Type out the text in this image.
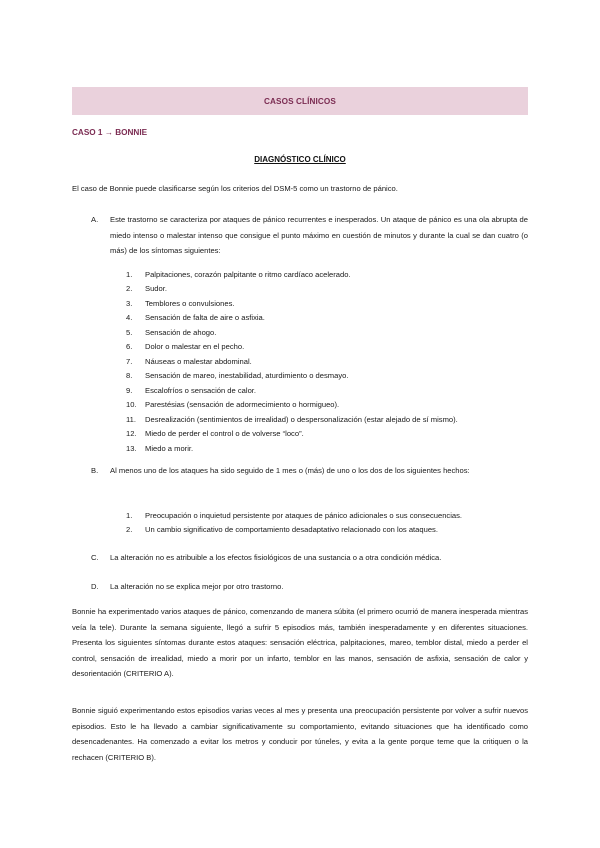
CASOS CLÍNICOS
CASO 1 → BONNIE
DIAGNÓSTICO CLÍNICO
El caso de Bonnie puede clasificarse según los criterios del DSM-5 como un trastorno de pánico.
A.	Este trastorno se caracteriza por ataques de pánico recurrentes e inesperados. Un ataque de pánico es una ola abrupta de miedo intenso o malestar intenso que consigue el punto máximo en cuestión de minutos y durante la cual se dan cuatro (o más) de los síntomas siguientes:
1.	Palpitaciones, corazón palpitante o ritmo cardíaco acelerado.
2.	Sudor.
3.	Temblores o convulsiones.
4.	Sensación de falta de aire o asfixia.
5.	Sensación de ahogo.
6.	Dolor o malestar en el pecho.
7.	Náuseas o malestar abdominal.
8.	Sensación de mareo, inestabilidad, aturdimiento o desmayo.
9.	Escalofríos o sensación de calor.
10.	Parestésias (sensación de adormecimiento o hormigueo).
11.	Desrealización (sentimientos de irrealidad) o despersonalización (estar alejado de sí mismo).
12.	Miedo de perder el control o de volverse “loco”.
13.	Miedo a morir.
B.	Al menos uno de los ataques ha sido seguido de 1 mes o (más) de uno o los dos de los siguientes hechos:
1.	Preocupación o inquietud persistente por ataques de pánico adicionales o sus consecuencias.
2.	Un cambio significativo de comportamiento desadaptativo relacionado con los ataques.
C.	La alteración no es atribuible a los efectos fisiológicos de una sustancia o a otra condición médica.
D.	La alteración no se explica mejor por otro trastorno.
Bonnie ha experimentado varios ataques de pánico, comenzando de manera súbita (el primero ocurrió de manera inesperada mientras veía la tele). Durante la semana siguiente, llegó a sufrir 5 episodios más, también inesperadamente y en diferentes situaciones. Presenta los siguientes síntomas durante estos ataques: sensación eléctrica, palpitaciones, mareo, temblor distal, miedo a perder el control, sensación de irrealidad, miedo a morir por un infarto, temblor en las manos, sensación de asfixia, sensación de calor y desorientación (CRITERIO A).
Bonnie siguió experimentando estos episodios varias veces al mes y presenta una preocupación persistente por volver a sufrir nuevos episodios. Esto le ha llevado a cambiar significativamente su comportamiento, evitando situaciones que ha identificado como desencadenantes. Ha comenzado a evitar los metros y conducir por túneles, y evita a la gente porque teme que la critiquen o la rechacen (CRITERIO B).
